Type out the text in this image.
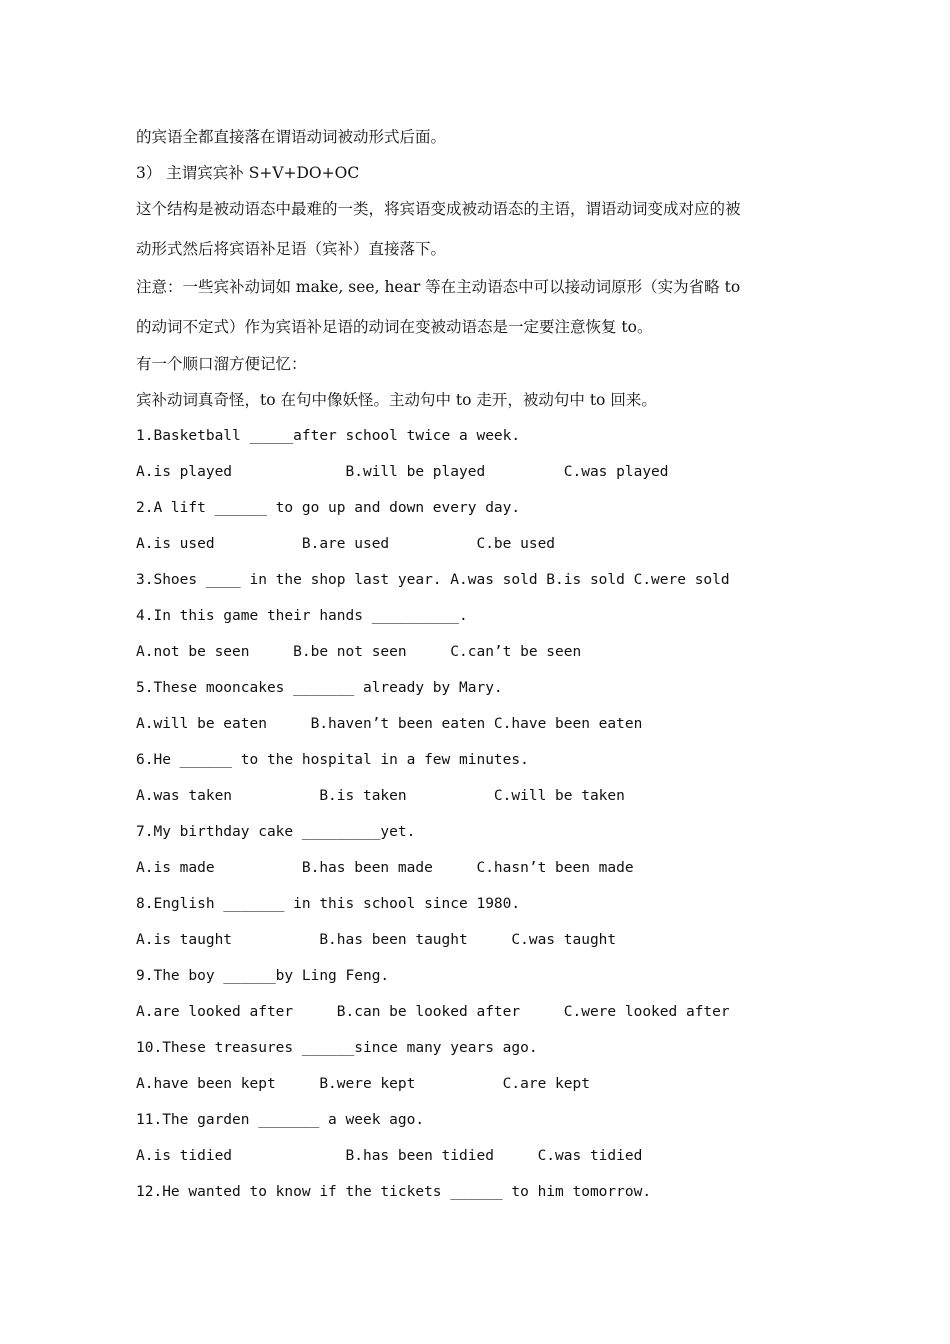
的宾语全都直接落在谓语动词被动形式后面。
3） 主谓宾宾补 S+V+DO+OC
这个结构是被动语态中最难的一类，将宾语变成被动语态的主语，谓语动词变成对应的被
动形式然后将宾语补足语（宾补）直接落下。
注意：一些宾补动词如 make, see, hear 等在主动语态中可以接动词原形（实为省略 to
的动词不定式）作为宾语补足语的动词在变被动语态是一定要注意恢复 to。
有一个顺口溜方便记忆：
宾补动词真奇怪，to 在句中像妖怪。主动句中 to 走开，被动句中 to 回来。
1.Basketball _____after school twice a week.
A.is played             B.will be played         C.was played
2.A lift ______ to go up and down every day.
A.is used          B.are used          C.be used
3.Shoes ____ in the shop last year. A.was sold B.is sold C.were sold
4.In this game their hands __________.
A.not be seen     B.be not seen     C.can’t be seen
5.These mooncakes _______ already by Mary.
A.will be eaten     B.haven’t been eaten C.have been eaten
6.He ______ to the hospital in a few minutes.
A.was taken          B.is taken          C.will be taken
7.My birthday cake _________yet.
A.is made          B.has been made     C.hasn’t been made
8.English _______ in this school since 1980.
A.is taught          B.has been taught     C.was taught
9.The boy ______by Ling Feng.
A.are looked after     B.can be looked after     C.were looked after
10.These treasures ______since many years ago.
A.have been kept     B.were kept          C.are kept
11.The garden _______ a week ago.
A.is tidied             B.has been tidied     C.was tidied
12.He wanted to know if the tickets ______ to him tomorrow.
